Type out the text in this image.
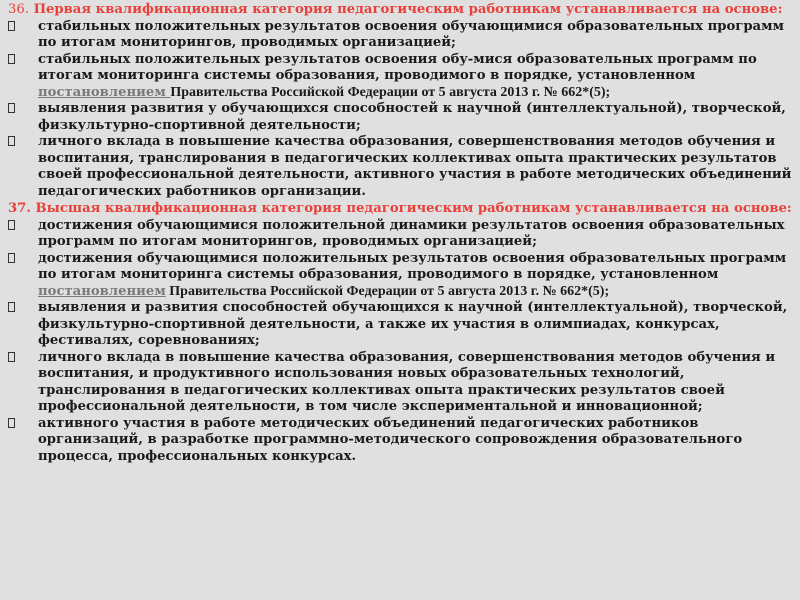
36. Первая квалификационная категория педагогическим работникам устанавливается на основе:

стабильных положительных результатов освоения обучающимися образовательных программ по итогам мониторингов, проводимых организацией;
стабильных положительных результатов освоения обу-мися образовательных программ по итогам мониторинга системы образования, проводимого в порядке, установленном постановлением Правительства Российской Федерации от 5 августа 2013 г. № 662*(5);
выявления развития у обучающихся способностей к научной (интеллектуальной), творческой, физкультурно-спортивной деятельности;
личного вклада в повышение качества образования, совершенствования методов обучения и воспитания, транслирования в педагогических коллективах опыта практических результатов своей профессиональной деятельности, активного участия в работе методических объединений педагогических работников организации.

37. Высшая квалификационная категория педагогическим работникам устанавливается на основе:

достижения обучающимися положительной динамики результатов освоения образовательных программ по итогам мониторингов, проводимых организацией;
достижения обучающимися положительных результатов освоения образовательных программ по итогам мониторинга системы образования, проводимого в порядке, установленном постановлением Правительства Российской Федерации от 5 августа 2013 г. № 662*(5);
выявления и развития способностей обучающихся к научной (интеллектуальной), творческой, физкультурно-спортивной деятельности, а также их участия в олимпиадах, конкурсах, фестивалях, соревнованиях;
личного вклада в повышение качества образования, совершенствования методов обучения и воспитания, и продуктивного использования новых образовательных технологий, транслирования в педагогических коллективах опыта практических результатов своей профессиональной деятельности, в том числе экспериментальной и инновационной;
активного участия в работе методических объединений педагогических работников организаций, в разработке программно-методического сопровождения образовательного процесса, профессиональных конкурсах.
